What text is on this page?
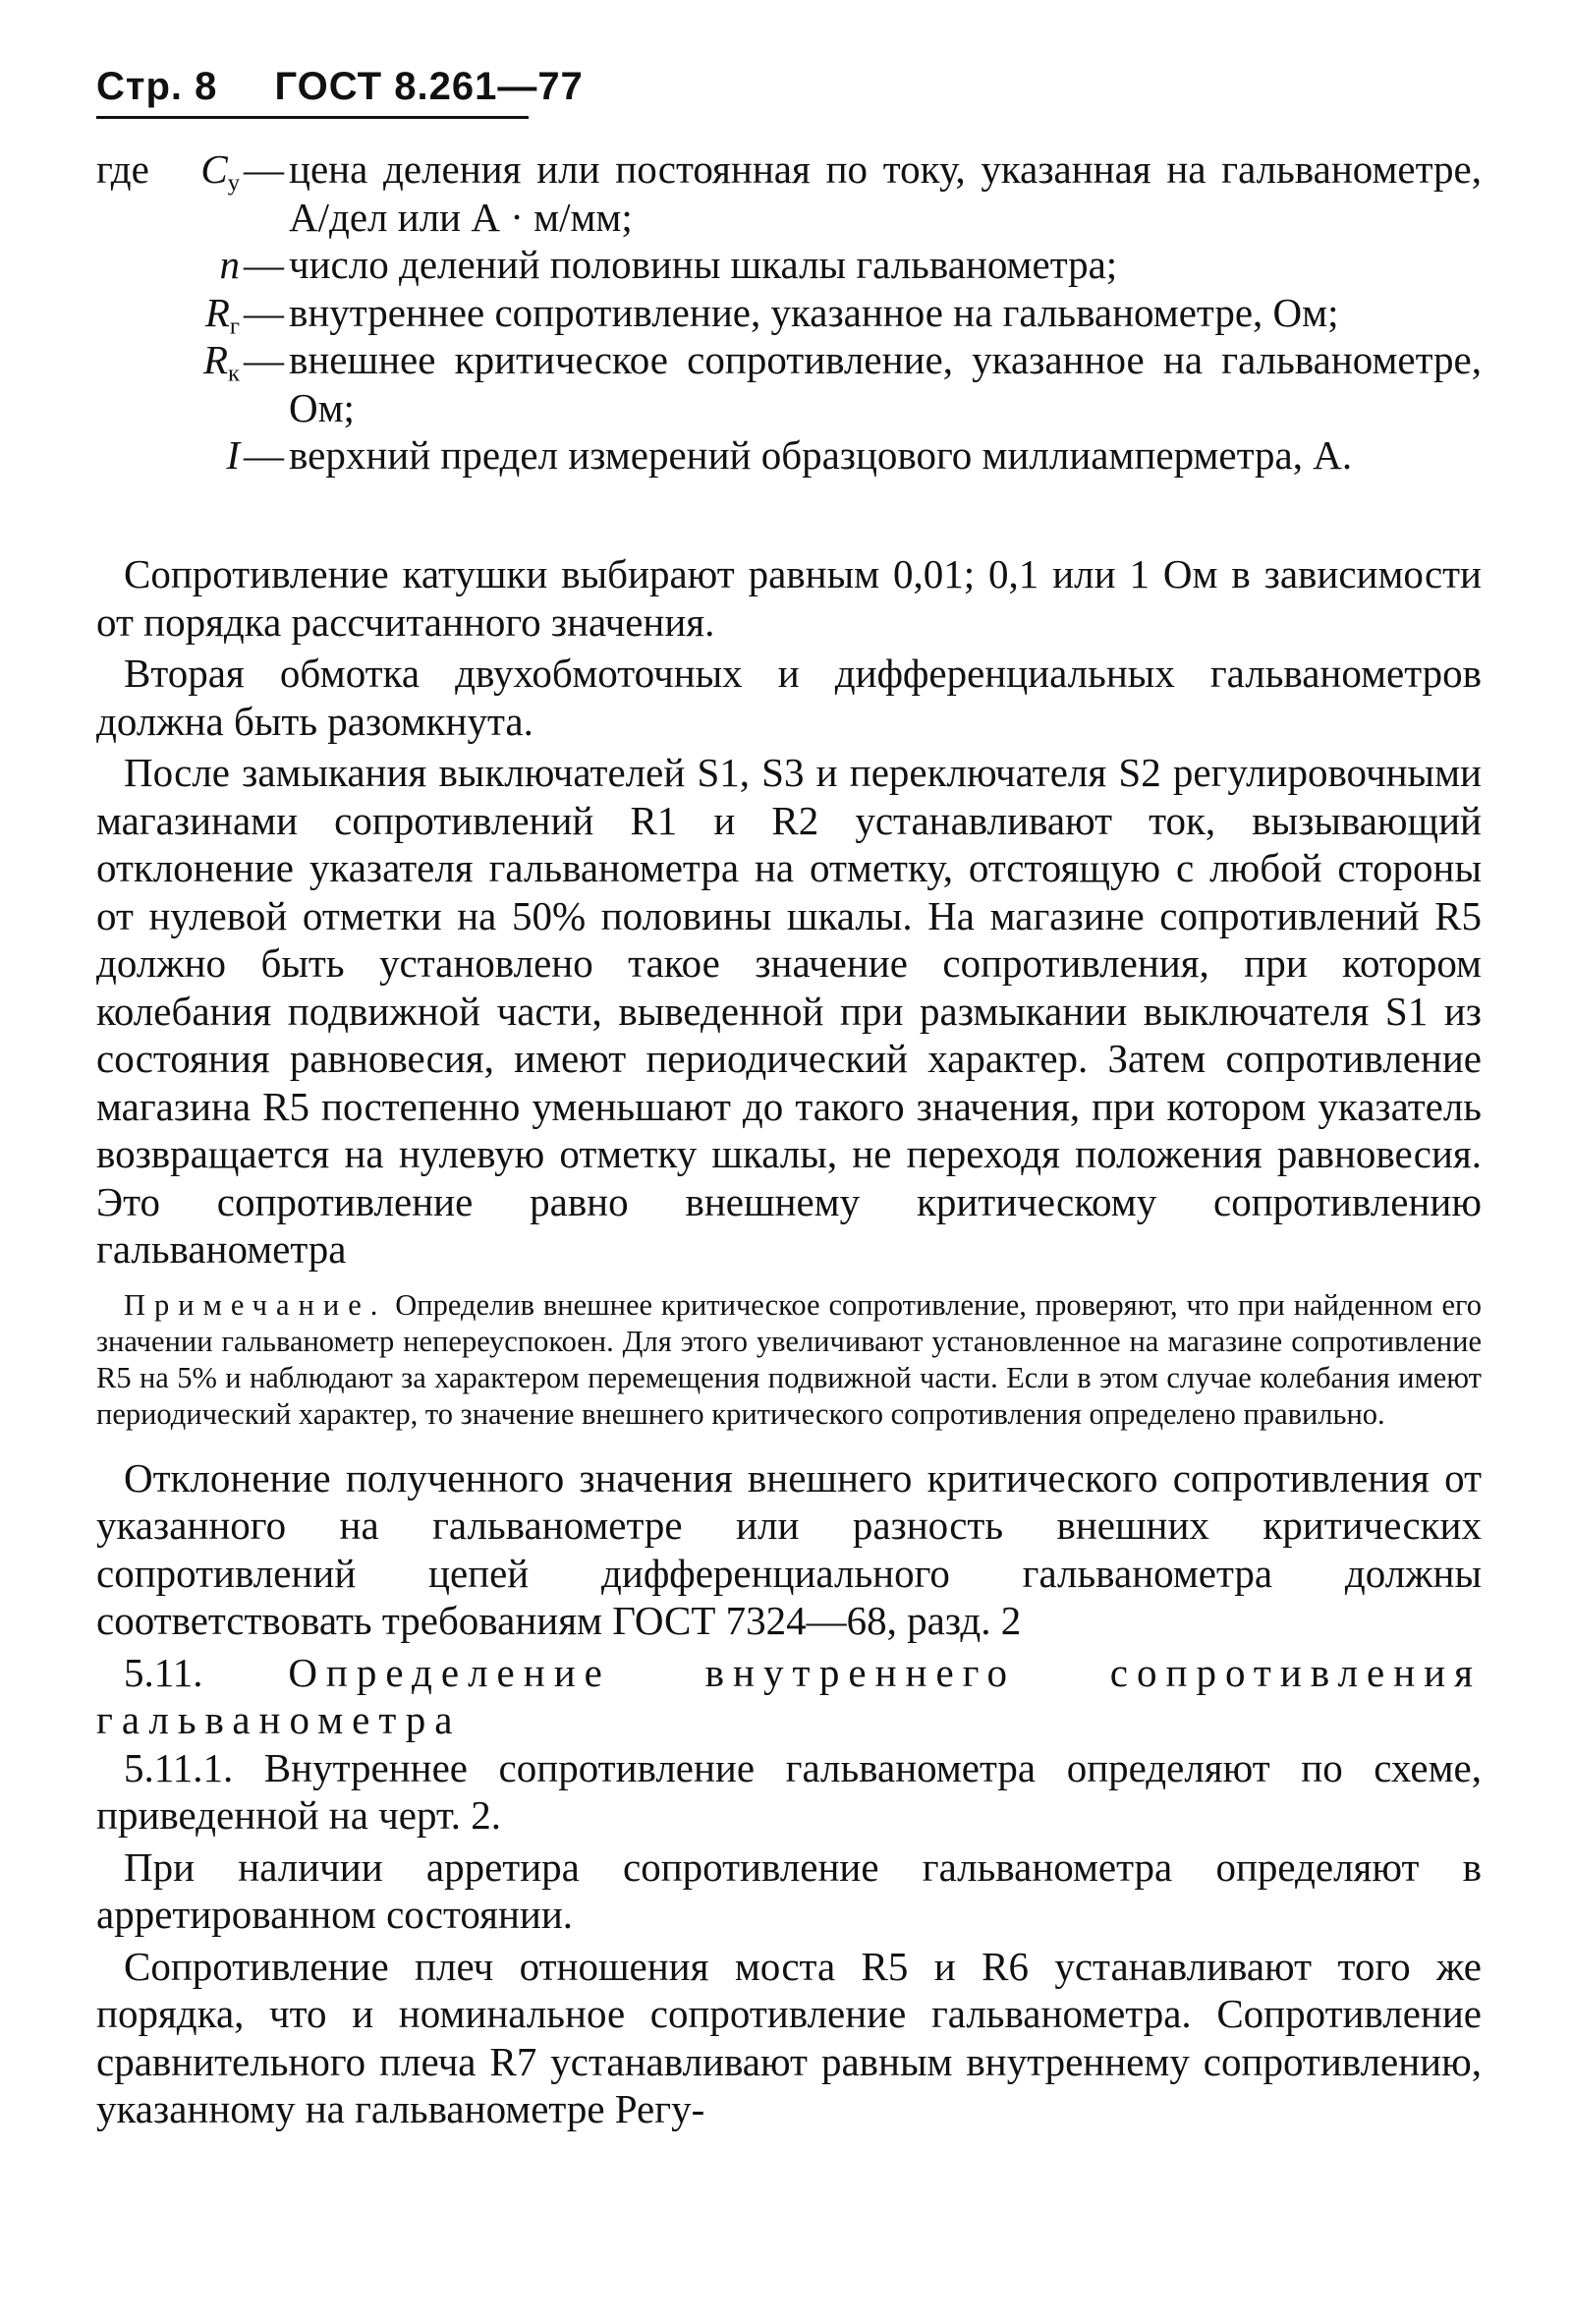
Стр. 8 ГОСТ 8.261—77
где	$C_у$ — цена деления или постоянная по току, указанная на гальванометре, А/дел или А · м/мм;
n — число делений половины шкалы гальванометра;
$R_г$ — внутреннее сопротивление, указанное на гальванометре, Ом;
$R_к$ — внешнее критическое сопротивление, указанное на гальванометре, Ом;
I — верхний предел измерений образцового миллиамперметра, А.

Сопротивление катушки выбирают равным 0,01; 0,1 или 1 Ом в зависимости от порядка рассчитанного значения.

Вторая обмотка двухобмоточных и дифференциальных гальванометров должна быть разомкнута.

После замыкания выключателей S1, S3 и переключателя S2 регулировочными магазинами сопротивлений R1 и R2 устанавливают ток, вызывающий отклонение указателя гальванометра на отметку, отстоящую с любой стороны от нулевой отметки на 50% половины шкалы. На магазине сопротивлений R5 должно быть установлено такое значение сопротивления, при котором колебания подвижной части, выведенной при размыкании выключателя S1 из состояния равновесия, имеют периодический характер. Затем сопротивление магазина R5 постепенно уменьшают до такого значения, при котором указатель возвращается на нулевую отметку шкалы, не переходя положения равновесия. Это сопротивление равно внешнему критическому сопротивлению гальванометра

Примечание. Определив внешнее критическое сопротивление, проверяют, что при найденном его значении гальванометр непереуспокоен. Для этого увеличивают установленное на магазине сопротивление R5 на 5% и наблюдают за характером перемещения подвижной части. Если в этом случае колебания имеют периодический характер, то значение внешнего критического сопротивления определено правильно.

Отклонение полученного значения внешнего критического сопротивления от указанного на гальванометре или разность внешних критических сопротивлений цепей дифференциального гальванометра должны соответствовать требованиям ГОСТ 7324—68, разд. 2

5.11. Определение внутреннего сопротивления гальванометра

5.11.1. Внутреннее сопротивление гальванометра определяют по схеме, приведенной на черт. 2.

При наличии арретира сопротивление гальванометра определяют в арретированном состоянии.

Сопротивление плеч отношения моста R5 и R6 устанавливают того же порядка, что и номинальное сопротивление гальванометра. Сопротивление сравнительного плеча R7 устанавливают равным внутреннему сопротивлению, указанному на гальванометре Регу-
